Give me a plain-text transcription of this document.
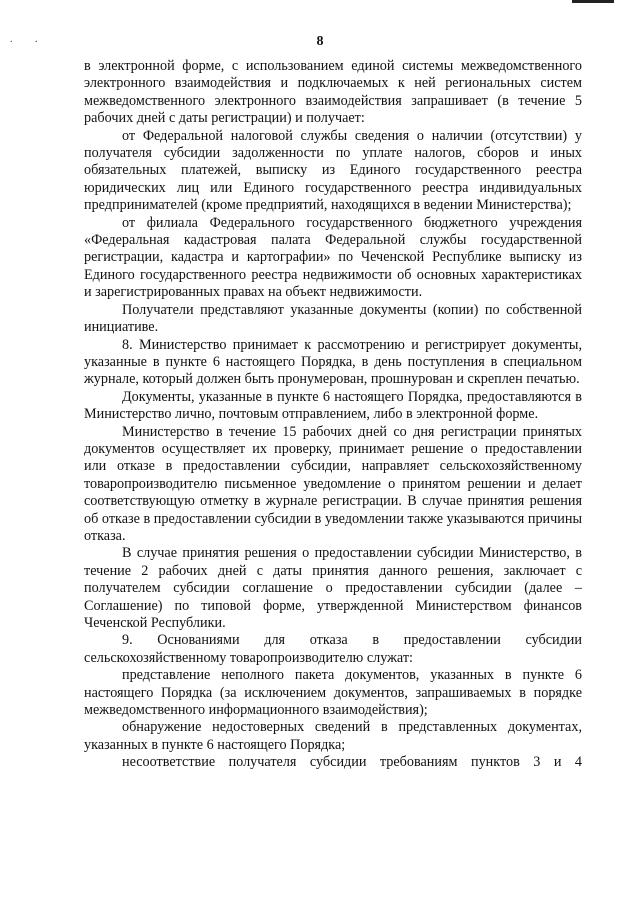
. .	8

в электронной форме, с использованием единой системы межведомственного электронного взаимодействия и подключаемых к ней региональных систем межведомственного электронного взаимодействия запрашивает (в течение 5 рабочих дней с даты регистрации) и получает:

от Федеральной налоговой службы сведения о наличии (отсутствии) у получателя субсидии задолженности по уплате налогов, сборов и иных обязательных платежей, выписку из Единого государственного реестра юридических лиц или Единого государственного реестра индивидуальных предпринимателей (кроме предприятий, находящихся в ведении Министерства);

от филиала Федерального государственного бюджетного учреждения «Федеральная кадастровая палата Федеральной службы государственной регистрации, кадастра и картографии» по Чеченской Республике выписку из Единого государственного реестра недвижимости об основных характеристиках и зарегистрированных правах на объект недвижимости.

Получатели представляют указанные документы (копии) по собственной инициативе.

8. Министерство принимает к рассмотрению и регистрирует документы, указанные в пункте 6 настоящего Порядка, в день поступления в специальном журнале, который должен быть пронумерован, прошнурован и скреплен печатью.

Документы, указанные в пункте 6 настоящего Порядка, предоставляются в Министерство лично, почтовым отправлением, либо в электронной форме.

Министерство в течение 15 рабочих дней со дня регистрации принятых документов осуществляет их проверку, принимает решение о предоставлении или отказе в предоставлении субсидии, направляет сельскохозяйственному товаропроизводителю письменное уведомление о принятом решении и делает соответствующую отметку в журнале регистрации. В случае принятия решения об отказе в предоставлении субсидии в уведомлении также указываются причины отказа.

В случае принятия решения о предоставлении субсидии Министерство, в течение 2 рабочих дней с даты принятия данного решения, заключает с получателем субсидии соглашение о предоставлении субсидии (далее – Соглашение) по типовой форме, утвержденной Министерством финансов Чеченской Республики.

9. Основаниями для отказа в предоставлении субсидии сельскохозяйственному товаропроизводителю служат:

представление неполного пакета документов, указанных в пункте 6 настоящего Порядка (за исключением документов, запрашиваемых в порядке межведомственного информационного взаимодействия);

обнаружение недостоверных сведений в представленных документах, указанных в пункте 6 настоящего Порядка;

несоответствие получателя субсидии требованиям пунктов 3 и 4
